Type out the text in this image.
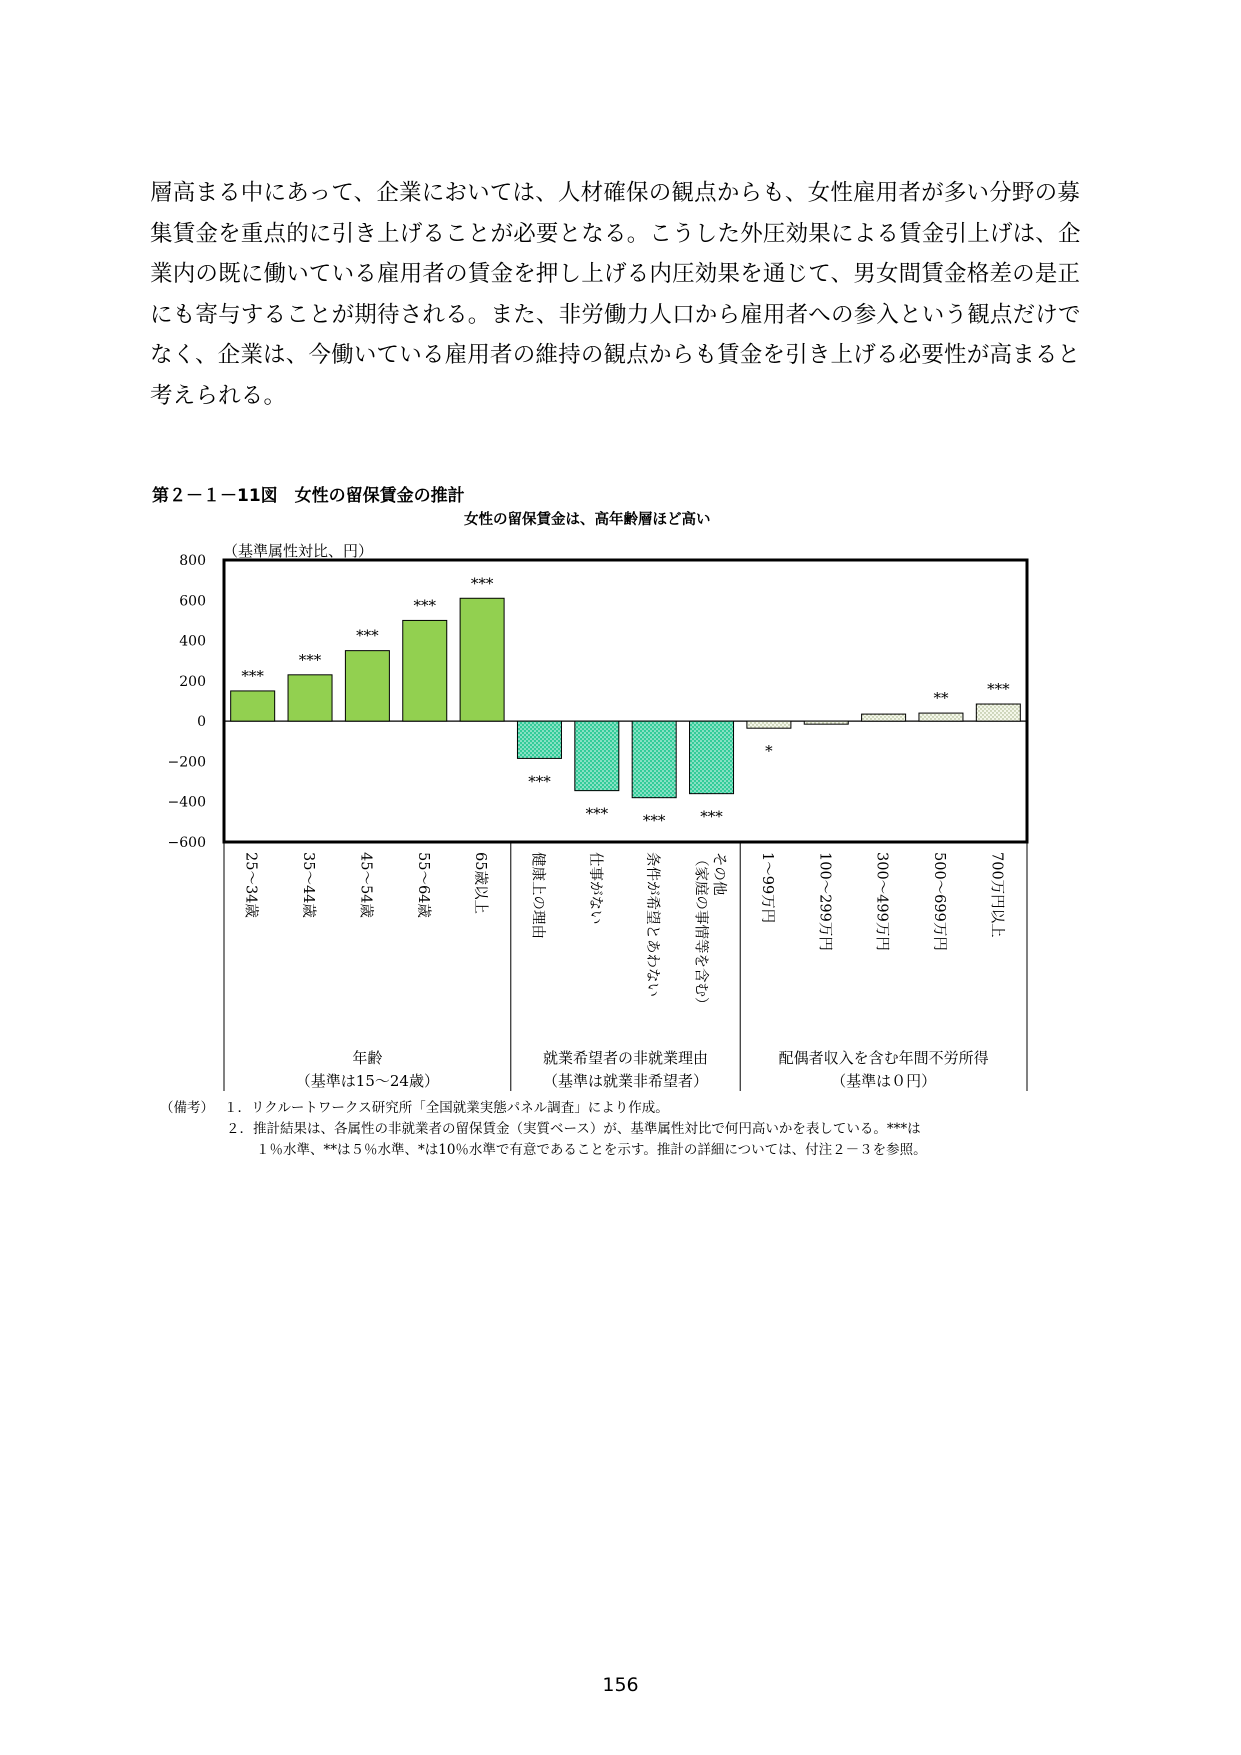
層高まる中にあって、企業においては、人材確保の観点からも、女性雇用者が多い分野の募

集賃金を重点的に引き上げることが必要となる。こうした外圧効果による賃金引上げは、企

業内の既に働いている雇用者の賃金を押し上げる内圧効果を通じて、男女間賃金格差の是正

にも寄与することが期待される。また、非労働力人口から雇用者への参入という観点だけで

なく、企業は、今働いている雇用者の維持の観点からも賃金を引き上げる必要性が高まると

考えられる。

第２－１－11図　女性の留保賃金の推計
女性の留保賃金は、高年齢層ほど高い
（基準属性対比、円）
800
600
400
200
0
−200
−400
−600
***
***
***
***
***
***
*** *** ***
*
**
***
25～34歳	35～44歳	45～54歳	55～64歳	65歳以上	健康上の理由	仕事がない	条件が希望とあわない	その他
（家庭の事情等を含む）	1～99万円	100～299万円	300～499万円	500～699万円	700万円以上
年齢
（基準は15～24歳）
就業希望者の非就業理由
（基準は就業非希望者）
配偶者収入を含む年間不労所得
（基準は０円）
（備考） １．リクルートワークス研究所「全国就業実態パネル調査」により作成。
２．推計結果は、各属性の非就業者の留保賃金（実質ベース）が、基準属性対比で何円高いかを表している。***は
１％水準、**は５％水準、*は10％水準で有意であることを示す。推計の詳細については、付注２－３を参照。
156
